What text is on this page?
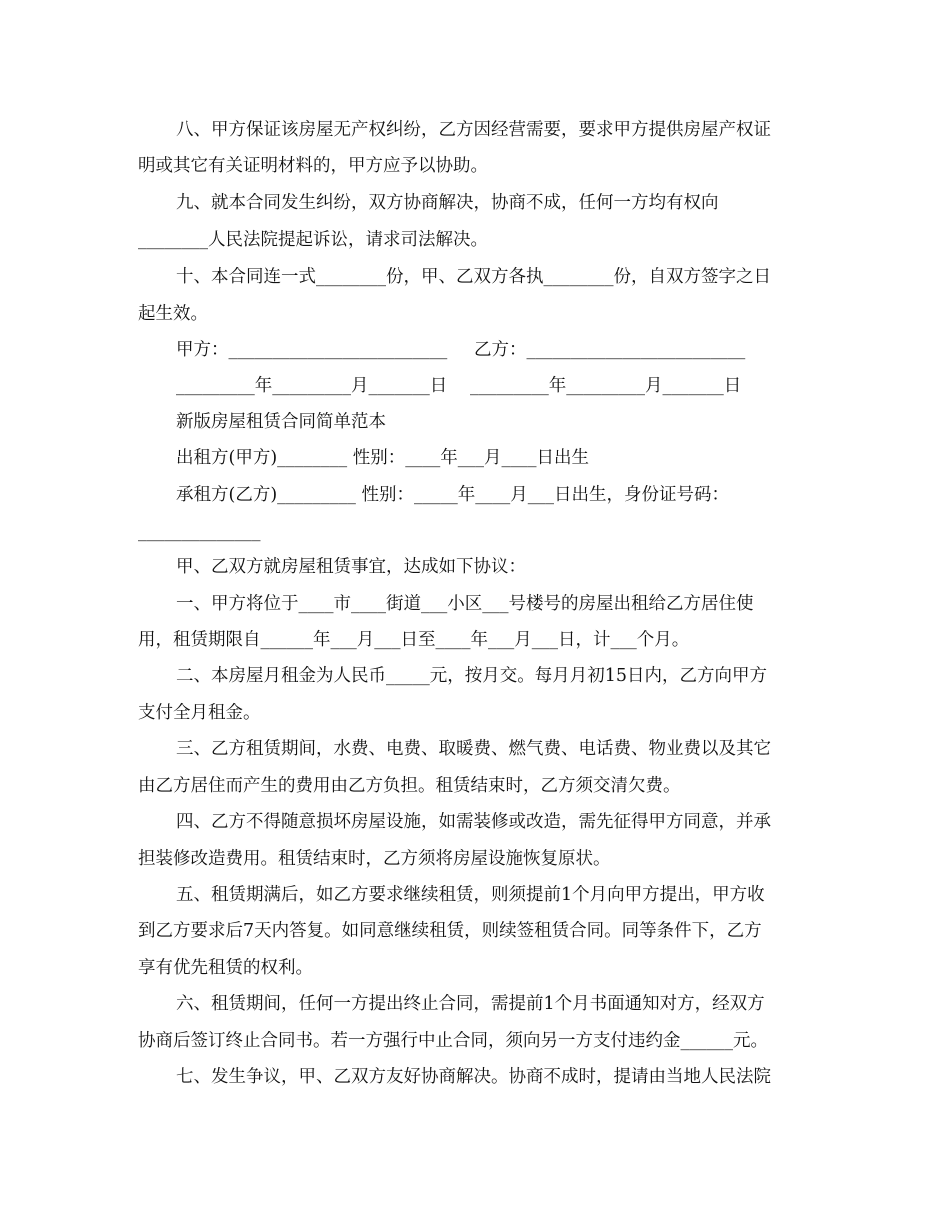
八、甲方保证该房屋无产权纠纷，乙方因经营需要，要求甲方提供房屋产权证

明或其它有关证明材料的，甲方应予以协助。

九、就本合同发生纠纷，双方协商解决，协商不成，任何一方均有权向

________人民法院提起诉讼，请求司法解决。

十、本合同连一式________份，甲、乙双方各执________份，自双方签字之日

起生效。

甲方：_________________________

乙方：_________________________

_________年_________月_______日

_________年_________月_______日

新版房屋租赁合同简单范本

出租方(甲方)________ 性别：____年___月____日出生

承租方(乙方)_________ 性别：_____年____月___日出生，身份证号码：

______________

甲、乙双方就房屋租赁事宜，达成如下协议：

一、甲方将位于____市____街道___小区___号楼号的房屋出租给乙方居住使

用，租赁期限自______年___月___日至____年___月___日，计___个月。

二、本房屋月租金为人民币_____元，按月交。每月月初15日内，乙方向甲方

支付全月租金。

三、乙方租赁期间，水费、电费、取暖费、燃气费、电话费、物业费以及其它

由乙方居住而产生的费用由乙方负担。租赁结束时，乙方须交清欠费。

四、乙方不得随意损坏房屋设施，如需装修或改造，需先征得甲方同意，并承

担装修改造费用。租赁结束时，乙方须将房屋设施恢复原状。

五、租赁期满后，如乙方要求继续租赁，则须提前1个月向甲方提出，甲方收

到乙方要求后7天内答复。如同意继续租赁，则续签租赁合同。同等条件下，乙方

享有优先租赁的权利。

六、租赁期间，任何一方提出终止合同，需提前1个月书面通知对方，经双方

协商后签订终止合同书。若一方强行中止合同，须向另一方支付违约金______元。

七、发生争议，甲、乙双方友好协商解决。协商不成时，提请由当地人民法院
